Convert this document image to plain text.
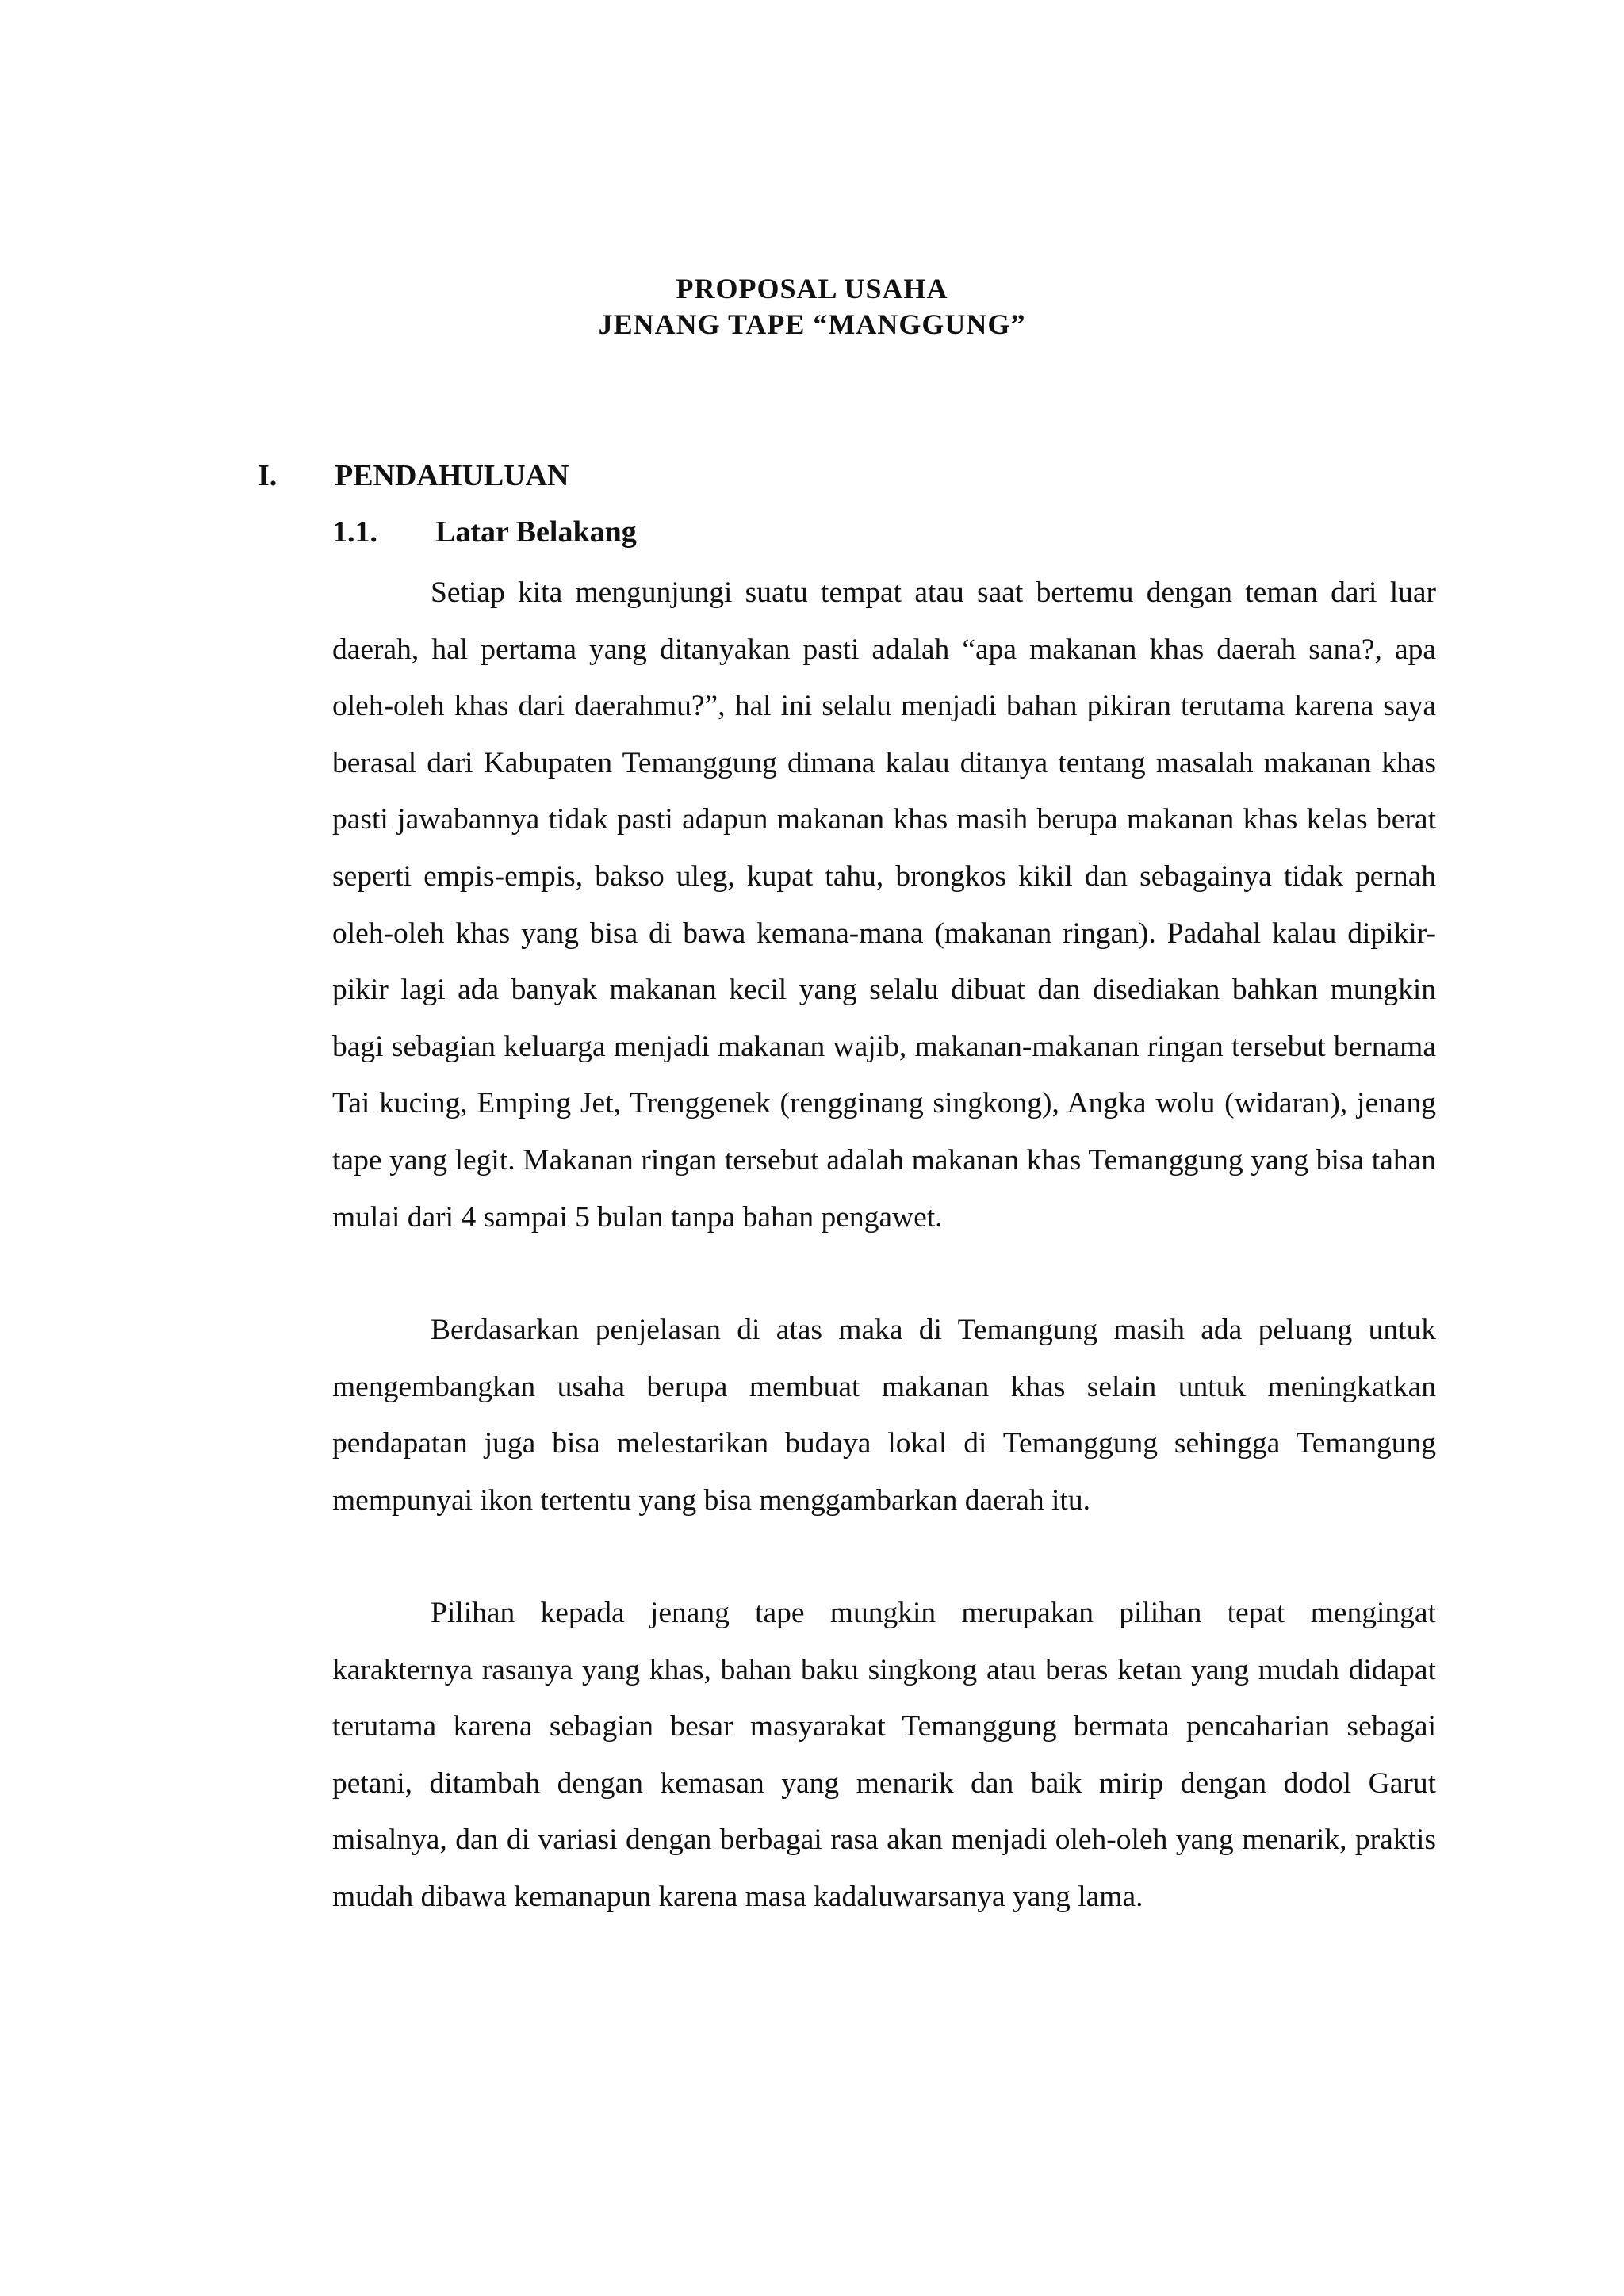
PROPOSAL USAHA
JENANG TAPE “MANGGUNG”
I. PENDAHULUAN
1.1. Latar Belakang

Setiap kita mengunjungi suatu tempat atau saat bertemu dengan teman dari luar daerah, hal pertama yang ditanyakan pasti adalah “apa makanan khas daerah sana?, apa oleh-oleh khas dari daerahmu?”, hal ini selalu menjadi bahan pikiran terutama karena saya berasal dari Kabupaten Temanggung dimana kalau ditanya tentang masalah makanan khas pasti jawabannya tidak pasti adapun makanan khas masih berupa makanan khas kelas berat seperti empis-empis, bakso uleg, kupat tahu, brongkos kikil dan sebagainya tidak pernah oleh-oleh khas yang bisa di bawa kemana-mana (makanan ringan). Padahal kalau dipikir-pikir lagi ada banyak makanan kecil yang selalu dibuat dan disediakan bahkan mungkin bagi sebagian keluarga menjadi makanan wajib, makanan-makanan ringan tersebut bernama Tai kucing, Emping Jet, Trenggenek (rengginang singkong), Angka wolu (widaran), jenang tape yang legit. Makanan ringan tersebut adalah makanan khas Temanggung yang bisa tahan mulai dari 4 sampai 5 bulan tanpa bahan pengawet.

Berdasarkan penjelasan di atas maka di Temangung masih ada peluang untuk mengembangkan usaha berupa membuat makanan khas selain untuk meningkatkan pendapatan juga bisa melestarikan budaya lokal di Temanggung sehingga Temangung mempunyai ikon tertentu yang bisa menggambarkan daerah itu.

Pilihan kepada jenang tape mungkin merupakan pilihan tepat mengingat karakternya rasanya yang khas, bahan baku singkong atau beras ketan yang mudah didapat terutama karena sebagian besar masyarakat Temanggung bermata pencaharian sebagai petani, ditambah dengan kemasan yang menarik dan baik mirip dengan dodol Garut misalnya, dan di variasi dengan berbagai rasa akan menjadi oleh-oleh yang menarik, praktis mudah dibawa kemanapun karena masa kadaluwarsanya yang lama.
